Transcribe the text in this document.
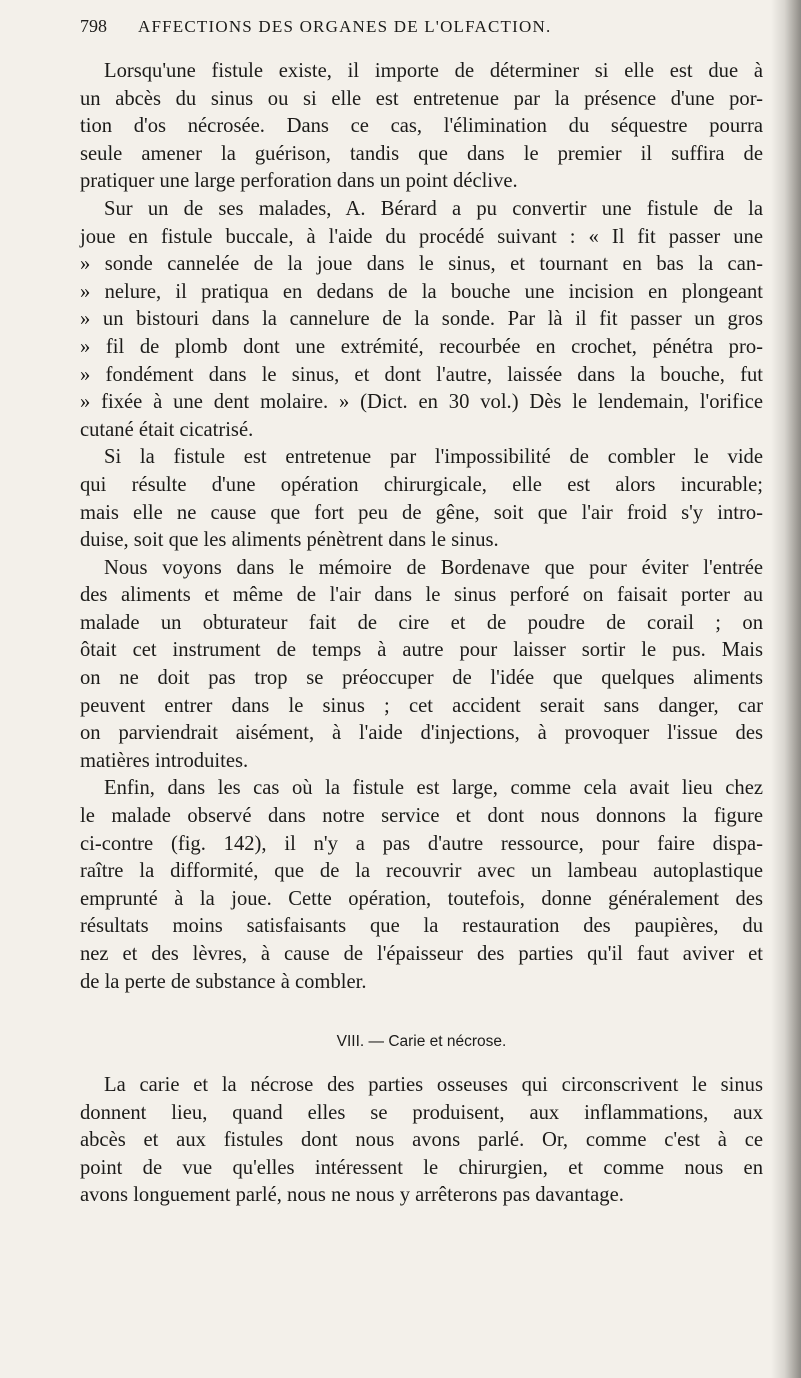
798 AFFECTIONS DES ORGANES DE L'OLFACTION.
Lorsqu'une fistule existe, il importe de déterminer si elle est due à
un abcès du sinus ou si elle est entretenue par la présence d'une por-
tion d'os nécrosée. Dans ce cas, l'élimination du séquestre pourra
seule amener la guérison, tandis que dans le premier il suffira de
pratiquer une large perforation dans un point déclive.
Sur un de ses malades, A. Bérard a pu convertir une fistule de la
joue en fistule buccale, à l'aide du procédé suivant : « Il fit passer une
» sonde cannelée de la joue dans le sinus, et tournant en bas la can-
» nelure, il pratiqua en dedans de la bouche une incision en plongeant
» un bistouri dans la cannelure de la sonde. Par là il fit passer un gros
» fil de plomb dont une extrémité, recourbée en crochet, pénétra pro-
» fondément dans le sinus, et dont l'autre, laissée dans la bouche, fut
» fixée à une dent molaire. » (Dict. en 30 vol.) Dès le lendemain, l'orifice
cutané était cicatrisé.
Si la fistule est entretenue par l'impossibilité de combler le vide
qui résulte d'une opération chirurgicale, elle est alors incurable;
mais elle ne cause que fort peu de gêne, soit que l'air froid s'y intro-
duise, soit que les aliments pénètrent dans le sinus.
Nous voyons dans le mémoire de Bordenave que pour éviter l'entrée
des aliments et même de l'air dans le sinus perforé on faisait porter au
malade un obturateur fait de cire et de poudre de corail ; on
ôtait cet instrument de temps à autre pour laisser sortir le pus. Mais
on ne doit pas trop se préoccuper de l'idée que quelques aliments
peuvent entrer dans le sinus ; cet accident serait sans danger, car
on parviendrait aisément, à l'aide d'injections, à provoquer l'issue des
matières introduites.
Enfin, dans les cas où la fistule est large, comme cela avait lieu chez
le malade observé dans notre service et dont nous donnons la figure
ci-contre (fig. 142), il n'y a pas d'autre ressource, pour faire dispa-
raître la difformité, que de la recouvrir avec un lambeau autoplastique
emprunté à la joue. Cette opération, toutefois, donne généralement des
résultats moins satisfaisants que la restauration des paupières, du
nez et des lèvres, à cause de l'épaisseur des parties qu'il faut aviver et
de la perte de substance à combler.
VIII. — Carie et nécrose.
La carie et la nécrose des parties osseuses qui circonscrivent le sinus
donnent lieu, quand elles se produisent, aux inflammations, aux
abcès et aux fistules dont nous avons parlé. Or, comme c'est à ce
point de vue qu'elles intéressent le chirurgien, et comme nous en
avons longuement parlé, nous ne nous y arrêterons pas davantage.
